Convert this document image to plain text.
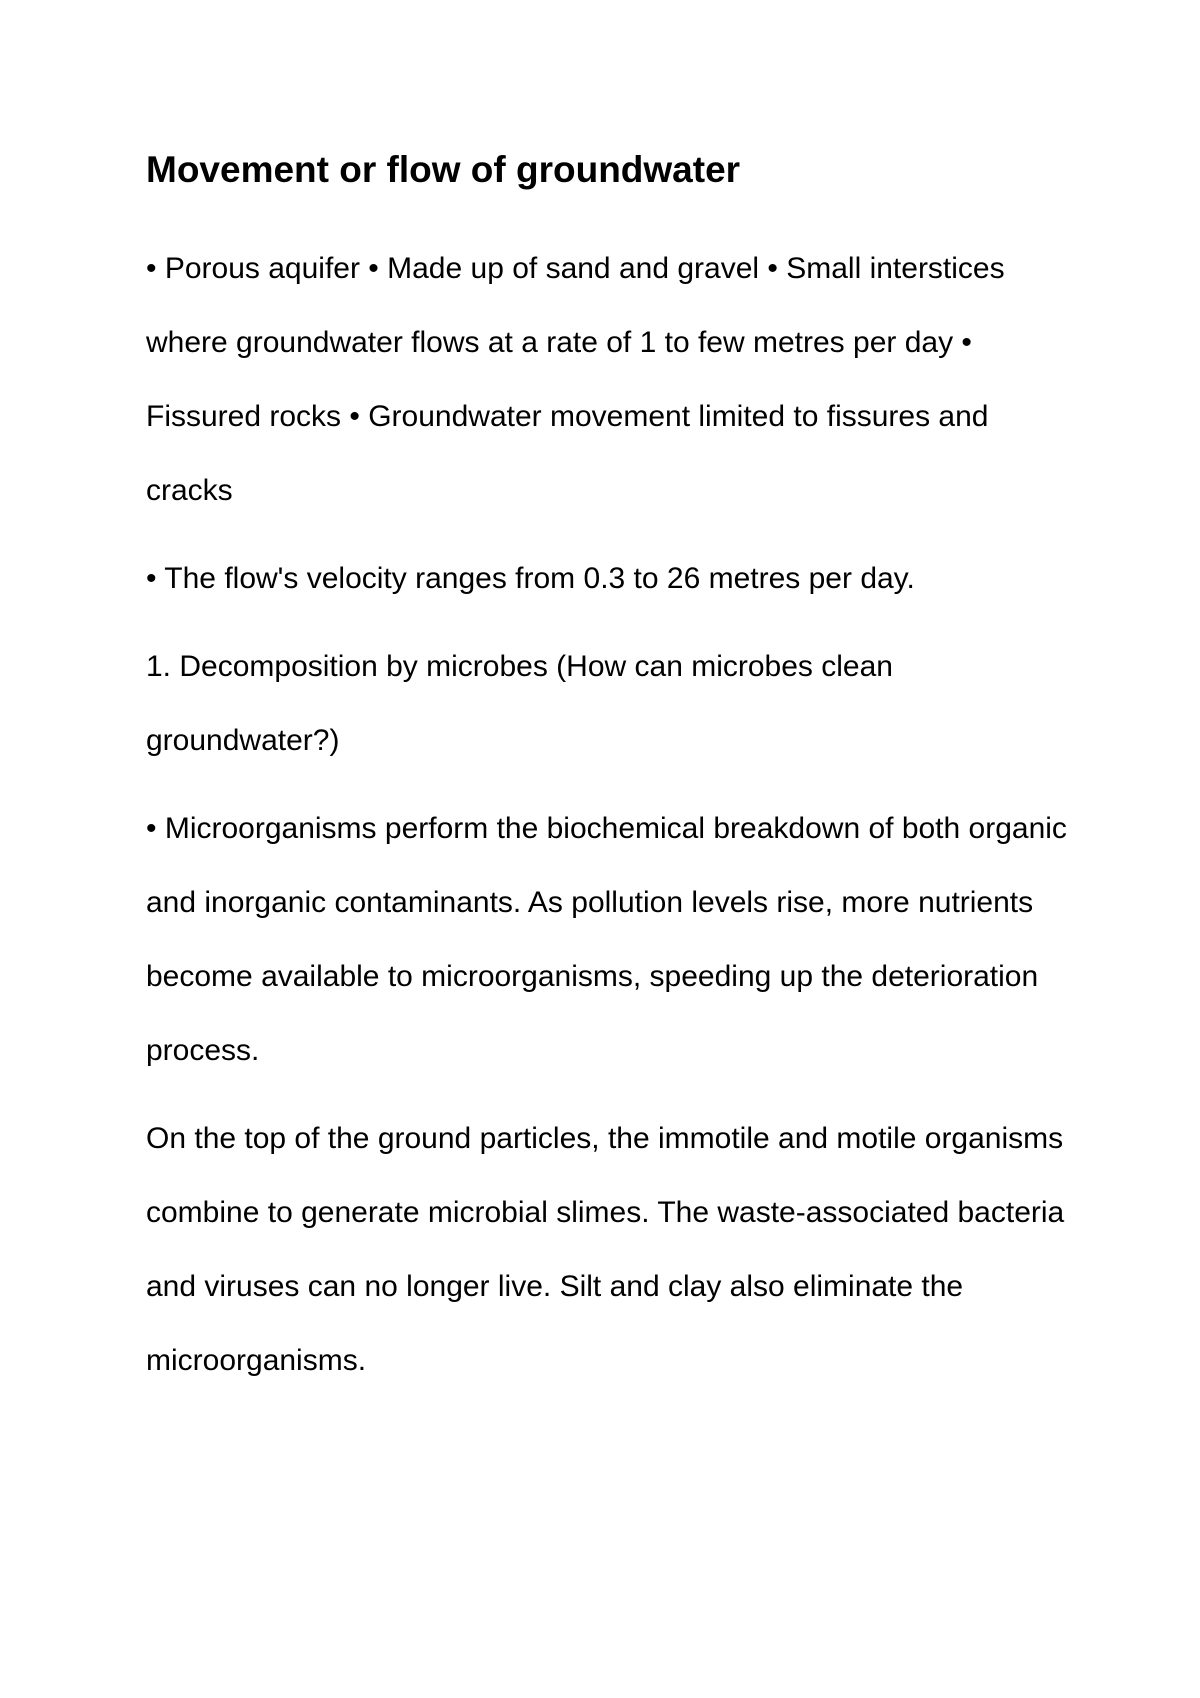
Movement or flow of groundwater

• Porous aquifer • Made up of sand and gravel • Small interstices where groundwater flows at a rate of 1 to few metres per day • Fissured rocks • Groundwater movement limited to fissures and cracks

• The flow's velocity ranges from 0.3 to 26 metres per day.

1. Decomposition by microbes (How can microbes clean groundwater?)

• Microorganisms perform the biochemical breakdown of both organic and inorganic contaminants. As pollution levels rise, more nutrients become available to microorganisms, speeding up the deterioration process.

On the top of the ground particles, the immotile and motile organisms combine to generate microbial slimes. The waste-associated bacteria and viruses can no longer live. Silt and clay also eliminate the microorganisms.
